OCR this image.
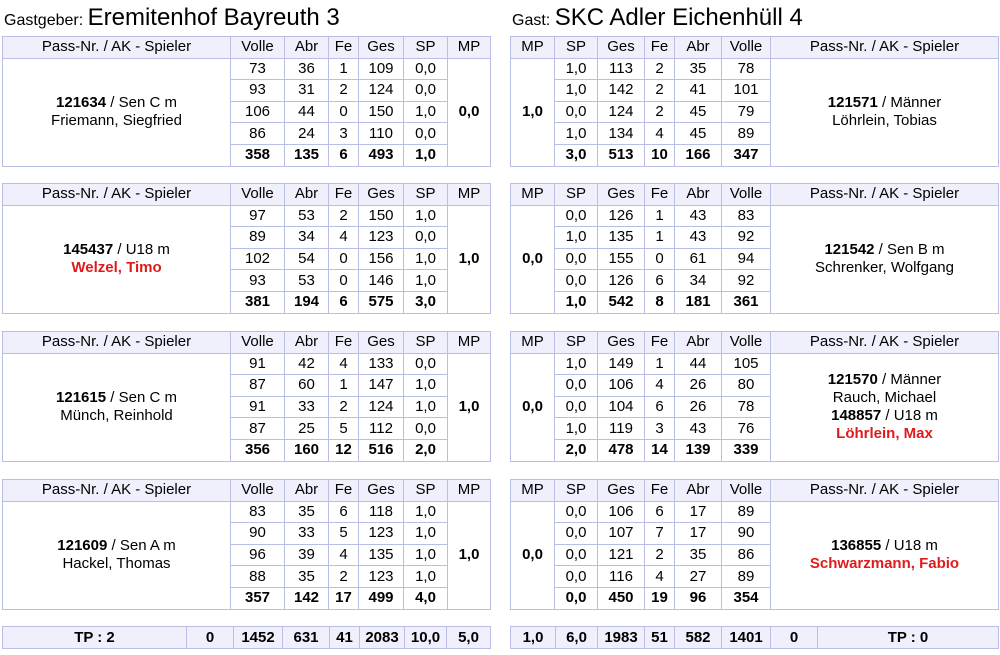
Gastgeber: Eremitenhof Bayreuth 3	Gast: SKC Adler Eichenhüll 4
Pass-Nr. / AK - Spieler	Volle	Abr	Fe	Ges	SP	MP

121634 / Sen C m
Friemann, Siegfried	73	36	1	109	0,0	0,0
	93	31	2	124	0,0	
	106	44	0	150	1,0	
	86	24	3	110	0,0	
	358	135	6	493	1,0	
MP	SP	Ges	Fe	Abr	Volle	Pass-Nr. / AK - Spieler
1,0	1,0	113	2	35	78	121571 / Männer
Löhrlein, Tobias

	1,0	142	2	41	101	
	0,0	124	2	45	79	
	1,0	134	4	45	89	
	3,0	513	10	166	347	
Pass-Nr. / AK - Spieler	Volle	Abr	Fe	Ges	SP	MP

145437 / U18 m
Welzel, Timo	97	53	2	150	1,0	1,0
	89	34	4	123	0,0	
	102	54	0	156	1,0	
	93	53	0	146	1,0	
	381	194	6	575	3,0	
MP	SP	Ges	Fe	Abr	Volle	Pass-Nr. / AK - Spieler
0,0	0,0	126	1	43	83	121542 / Sen B m
Schrenker, Wolfgang

	1,0	135	1	43	92	
	0,0	155	0	61	94	
	0,0	126	6	34	92	
	1,0	542	8	181	361	
Pass-Nr. / AK - Spieler	Volle	Abr	Fe	Ges	SP	MP

121615 / Sen C m
Münch, Reinhold	91	42	4	133	0,0	1,0
	87	60	1	147	1,0	
	91	33	2	124	1,0	
	87	25	5	112	0,0	
	356	160	12	516	2,0	
MP	SP	Ges	Fe	Abr	Volle	Pass-Nr. / AK - Spieler
0,0	1,0	149	1	44	105	121570 / Männer
Rauch, Michael
148857 / U18 m
Löhrlein, Max

	0,0	106	4	26	80	
	0,0	104	6	26	78	
	1,0	119	3	43	76	
	2,0	478	14	139	339	
Pass-Nr. / AK - Spieler	Volle	Abr	Fe	Ges	SP	MP

121609 / Sen A m
Hackel, Thomas	83	35	6	118	1,0	1,0
	90	33	5	123	1,0	
	96	39	4	135	1,0	
	88	35	2	123	1,0	
	357	142	17	499	4,0	
MP	SP	Ges	Fe	Abr	Volle	Pass-Nr. / AK - Spieler
0,0	0,0	106	6	17	89	136855 / U18 m
Schwarzmann, Fabio

	0,0	107	7	17	90	
	0,0	121	2	35	86	
	0,0	116	4	27	89	
	0,0	450	19	96	354	
TP : 2	0	1452	631	41	2083	10,0	5,0	1,0	6,0	1983	51	582	1401	0	TP : 0
